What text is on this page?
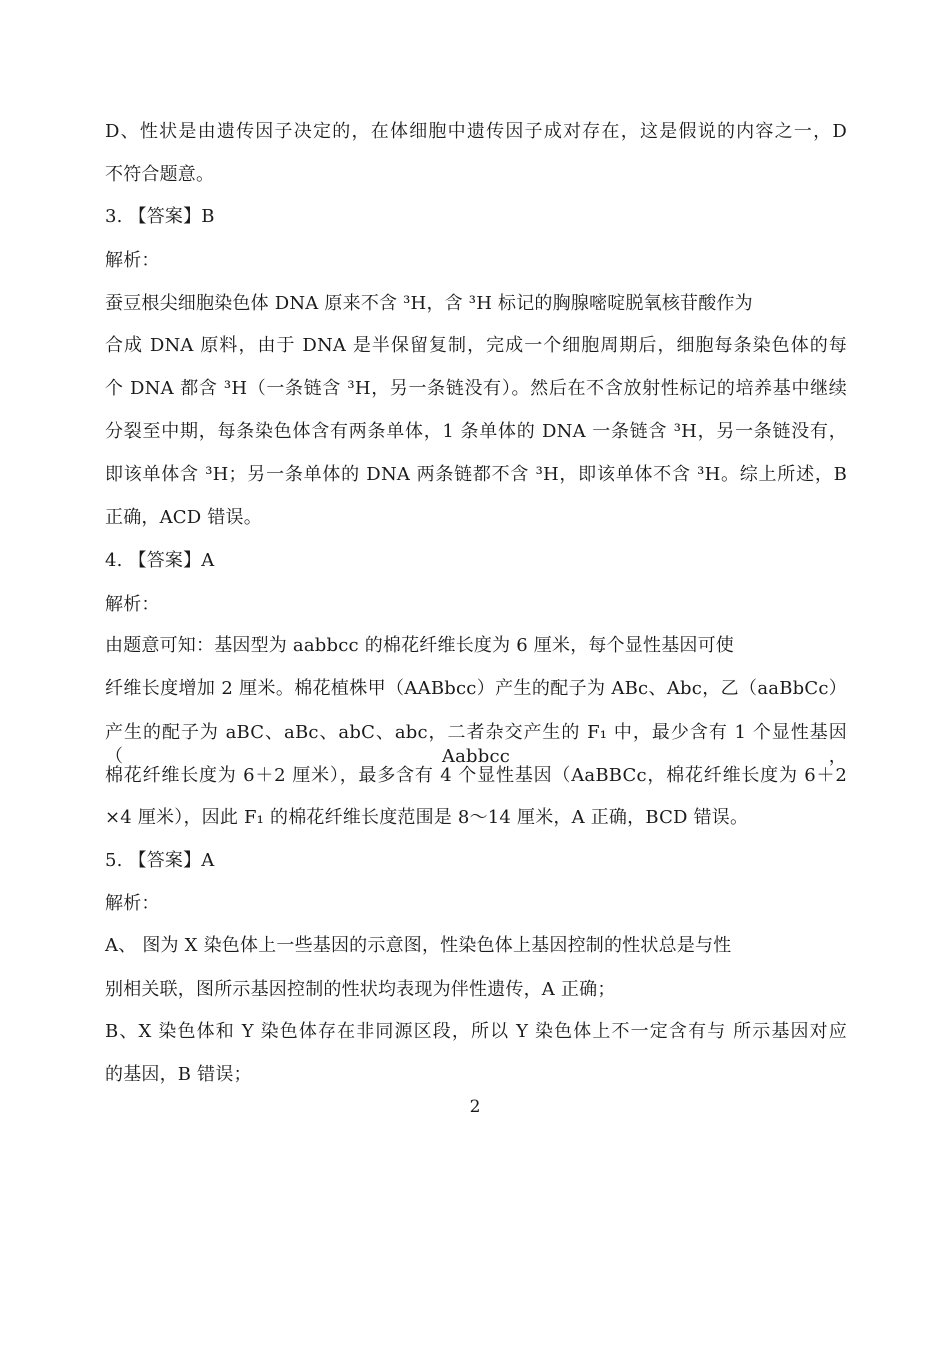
D、性状是由遗传因子决定的，在体细胞中遗传因子成对存在，这是假说的内容之一，D
不符合题意。
3. 【答案】B
解析：
蚕豆根尖细胞染色体 DNA 原来不含 ³H，含 ³H 标记的胸腺嘧啶脱氧核苷酸作为
合成 DNA 原料，由于 DNA 是半保留复制，完成一个细胞周期后，细胞每条染色体的每
个 DNA 都含 ³H（一条链含 ³H，另一条链没有）。然后在不含放射性标记的培养基中继续
分裂至中期，每条染色体含有两条单体，1 条单体的 DNA 一条链含 ³H，另一条链没有，
即该单体含 ³H；另一条单体的 DNA 两条链都不含 ³H，即该单体不含 ³H。综上所述，B
正确，ACD 错误。
4. 【答案】A
解析：
由题意可知：基因型为 aabbcc 的棉花纤维长度为 6 厘米，每个显性基因可使
纤维长度增加 2 厘米。棉花植株甲（AABbcc）产生的配子为 ABc、Abc，乙（aaBbCc）
产生的配子为 aBC、aBc、abC、abc，二者杂交产生的 F₁ 中，最少含有 1 个显性基因（Aabbcc，
棉花纤维长度为 6＋2 厘米），最多含有 4 个显性基因（AaBBCc，棉花纤维长度为 6＋2
×4 厘米），因此 F₁ 的棉花纤维长度范围是 8～14 厘米，A 正确，BCD 错误。
5. 【答案】A
解析：
A、 图为 X 染色体上一些基因的示意图，性染色体上基因控制的性状总是与性
别相关联，图所示基因控制的性状均表现为伴性遗传，A 正确；
B、X 染色体和 Y 染色体存在非同源区段，所以 Y 染色体上不一定含有与 所示基因对应
的基因，B 错误；
2
